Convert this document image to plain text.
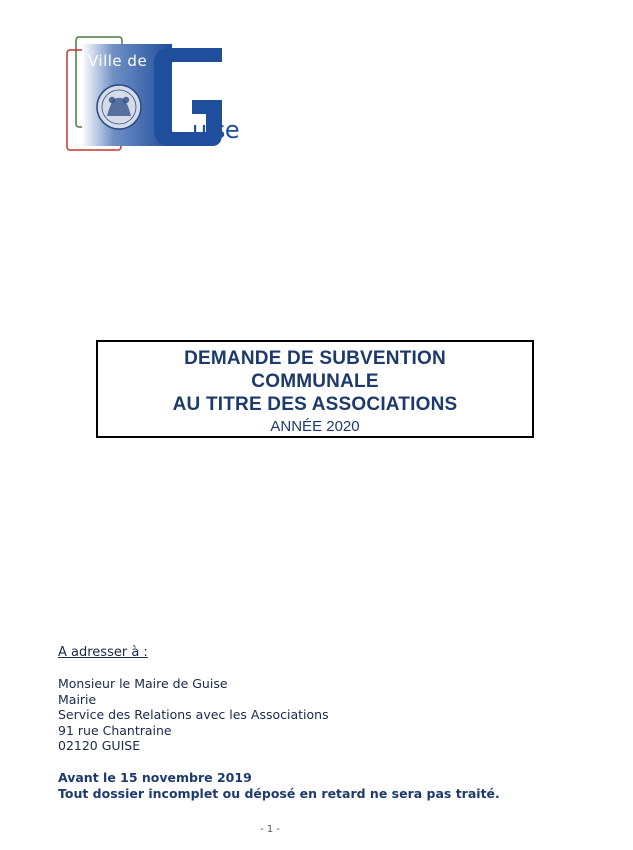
Ville de
uise
DEMANDE DE SUBVENTION
COMMUNALE
AU TITRE DES ASSOCIATIONS
ANNÉE 2020
A adresser à :
Monsieur le Maire de Guise
Mairie
Service des Relations avec les Associations
91 rue Chantraine
02120 GUISE
Avant le 15 novembre 2019
Tout dossier incomplet ou déposé en retard ne sera pas traité.
- 1 -
